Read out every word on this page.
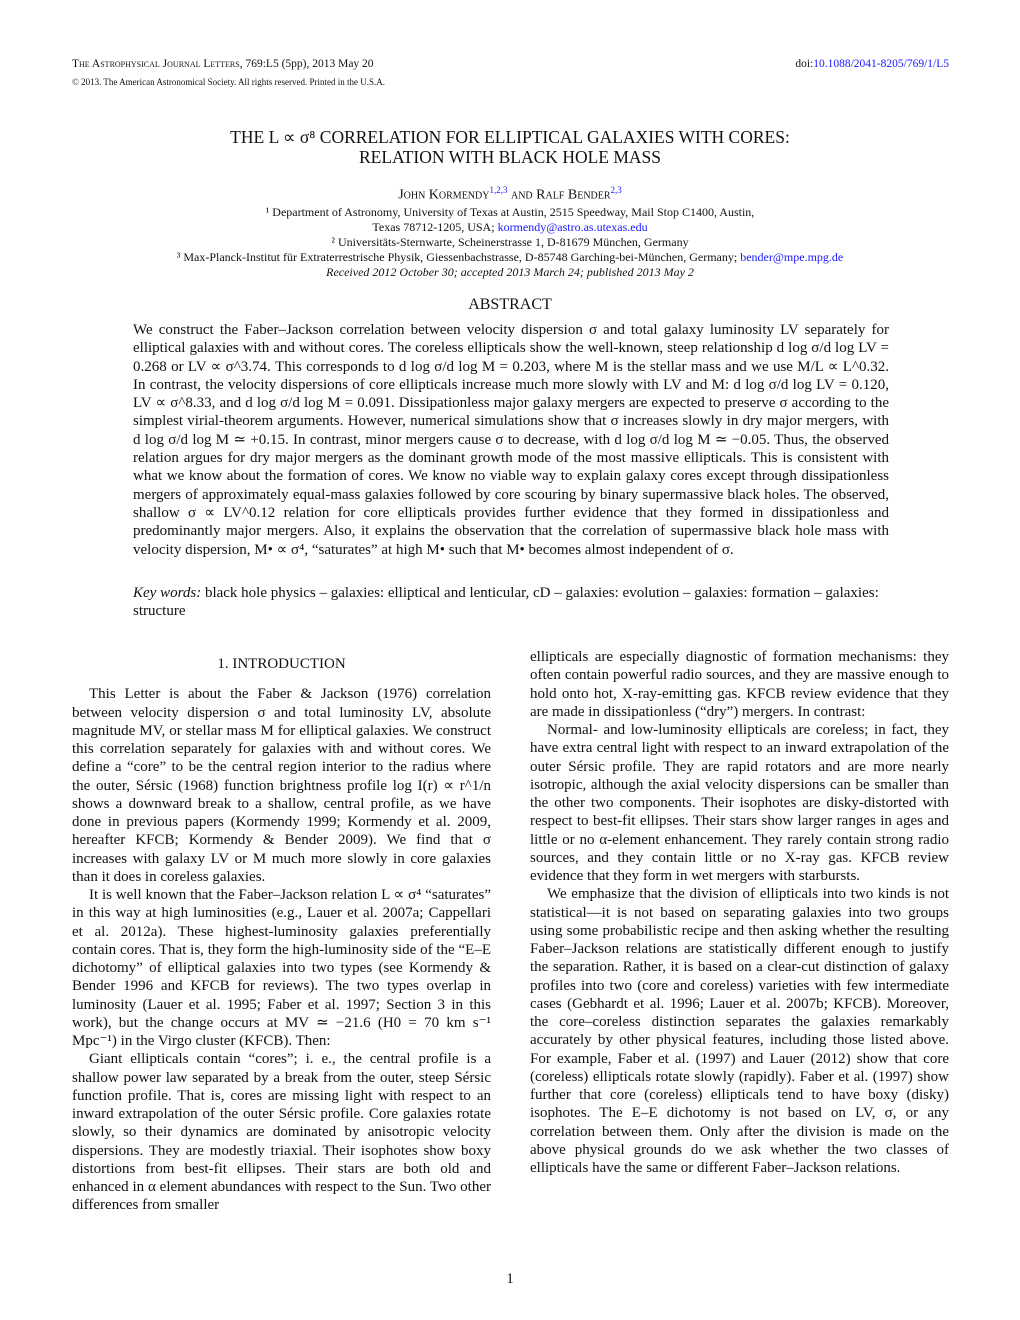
The Astrophysical Journal Letters, 769:L5 (5pp), 2013 May 20	doi:10.1088/2041-8205/769/1/L5
© 2013. The American Astronomical Society. All rights reserved. Printed in the U.S.A.
THE L ∝ σ⁸ CORRELATION FOR ELLIPTICAL GALAXIES WITH CORES:
RELATION WITH BLACK HOLE MASS
John Kormendy$^{1,2,3}$ and Ralf Bender$^{2,3}$
¹ Department of Astronomy, University of Texas at Austin, 2515 Speedway, Mail Stop C1400, Austin,
Texas 78712-1205, USA; kormendy@astro.as.utexas.edu
² Universitäts-Sternwarte, Scheinerstrasse 1, D-81679 München, Germany
³ Max-Planck-Institut für Extraterrestrische Physik, Giessenbachstrasse, D-85748 Garching-bei-München, Germany; bender@mpe.mpg.de
Received 2012 October 30; accepted 2013 March 24; published 2013 May 2
ABSTRACT
We construct the Faber–Jackson correlation between velocity dispersion σ and total galaxy luminosity LV separately for elliptical galaxies with and without cores. The coreless ellipticals show the well-known, steep relationship d log σ/d log LV = 0.268 or LV ∝ σ^3.74. This corresponds to d log σ/d log M = 0.203, where M is the stellar mass and we use M/L ∝ L^0.32. In contrast, the velocity dispersions of core ellipticals increase much more slowly with LV and M: d log σ/d log LV = 0.120, LV ∝ σ^8.33, and d log σ/d log M = 0.091. Dissipationless major galaxy mergers are expected to preserve σ according to the simplest virial-theorem arguments. However, numerical simulations show that σ increases slowly in dry major mergers, with d log σ/d log M ≃ +0.15. In contrast, minor mergers cause σ to decrease, with d log σ/d log M ≃ −0.05. Thus, the observed relation argues for dry major mergers as the dominant growth mode of the most massive ellipticals. This is consistent with what we know about the formation of cores. We know no viable way to explain galaxy cores except through dissipationless mergers of approximately equal-mass galaxies followed by core scouring by binary supermassive black holes. The observed, shallow σ ∝ LV^0.12 relation for core ellipticals provides further evidence that they formed in dissipationless and predominantly major mergers. Also, it explains the observation that the correlation of supermassive black hole mass with velocity dispersion, M• ∝ σ⁴, “saturates” at high M• such that M• becomes almost independent of σ.
Key words: black hole physics – galaxies: elliptical and lenticular, cD – galaxies: evolution – galaxies: formation – galaxies: structure
1. INTRODUCTION

This Letter is about the Faber & Jackson (1976) correlation between velocity dispersion σ and total luminosity LV, absolute magnitude MV, or stellar mass M for elliptical galaxies. We construct this correlation separately for galaxies with and without cores. We define a “core” to be the central region interior to the radius where the outer, Sérsic (1968) function brightness profile log I(r) ∝ r^1/n shows a downward break to a shallow, central profile, as we have done in previous papers (Kormendy 1999; Kormendy et al. 2009, hereafter KFCB; Kormendy & Bender 2009). We find that σ increases with galaxy LV or M much more slowly in core galaxies than it does in coreless galaxies.

It is well known that the Faber–Jackson relation L ∝ σ⁴ “saturates” in this way at high luminosities (e.g., Lauer et al. 2007a; Cappellari et al. 2012a). These highest-luminosity galaxies preferentially contain cores. That is, they form the high-luminosity side of the “E–E dichotomy” of elliptical galaxies into two types (see Kormendy & Bender 1996 and KFCB for reviews). The two types overlap in luminosity (Lauer et al. 1995; Faber et al. 1997; Section 3 in this work), but the change occurs at MV ≃ −21.6 (H0 = 70 km s⁻¹ Mpc⁻¹) in the Virgo cluster (KFCB). Then:

Giant ellipticals contain “cores”; i. e., the central profile is a shallow power law separated by a break from the outer, steep Sérsic function profile. That is, cores are missing light with respect to an inward extrapolation of the outer Sérsic profile. Core galaxies rotate slowly, so their dynamics are dominated by anisotropic velocity dispersions. They are modestly triaxial. Their isophotes show boxy distortions from best-fit ellipses. Their stars are both old and enhanced in α element abundances with respect to the Sun. Two other differences from smaller

ellipticals are especially diagnostic of formation mechanisms: they often contain powerful radio sources, and they are massive enough to hold onto hot, X-ray-emitting gas. KFCB review evidence that they are made in dissipationless (“dry”) mergers. In contrast:

Normal- and low-luminosity ellipticals are coreless; in fact, they have extra central light with respect to an inward extrapolation of the outer Sérsic profile. They are rapid rotators and are more nearly isotropic, although the axial velocity dispersions can be smaller than the other two components. Their isophotes are disky-distorted with respect to best-fit ellipses. Their stars show larger ranges in ages and little or no α-element enhancement. They rarely contain strong radio sources, and they contain little or no X-ray gas. KFCB review evidence that they form in wet mergers with starbursts.

We emphasize that the division of ellipticals into two kinds is not statistical—it is not based on separating galaxies into two groups using some probabilistic recipe and then asking whether the resulting Faber–Jackson relations are statistically different enough to justify the separation. Rather, it is based on a clear-cut distinction of galaxy profiles into two (core and coreless) varieties with few intermediate cases (Gebhardt et al. 1996; Lauer et al. 2007b; KFCB). Moreover, the core–coreless distinction separates the galaxies remarkably accurately by other physical features, including those listed above. For example, Faber et al. (1997) and Lauer (2012) show that core (coreless) ellipticals rotate slowly (rapidly). Faber et al. (1997) show further that core (coreless) ellipticals tend to have boxy (disky) isophotes. The E–E dichotomy is not based on LV, σ, or any correlation between them. Only after the division is made on the above physical grounds do we ask whether the two classes of ellipticals have the same or different Faber–Jackson relations.

1
